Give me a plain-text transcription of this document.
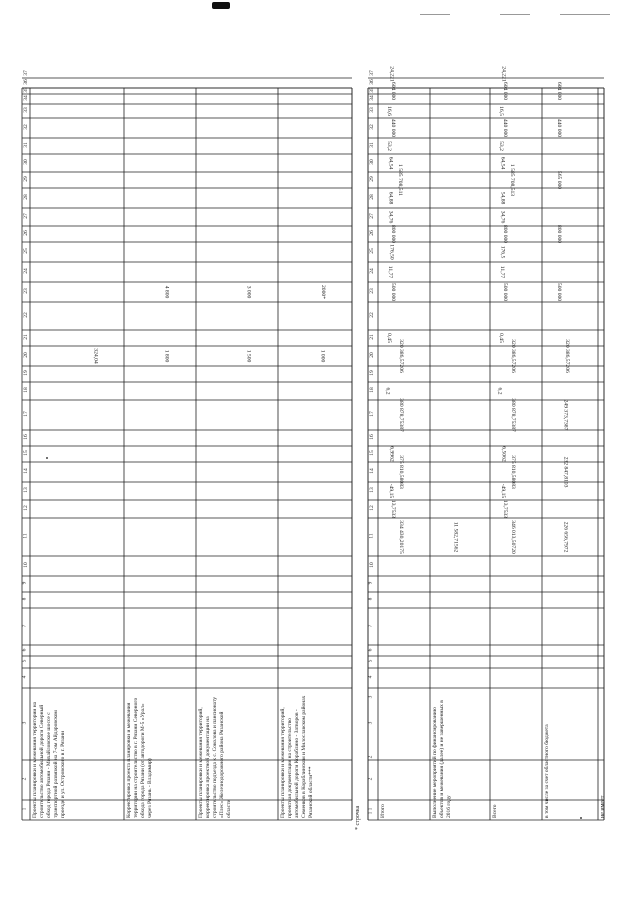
1
2
3
4
5
6
7
8
9
10
11
12
13
14
15
16
17
18
19
20
21
22
23
24
25
26
27
28
29
30
31
32
33
34
35
36
37
Проекты планировки и межевания территории на строительство автомобильной дороги Северный обход города Рязани - Михайловское шоссе с транспортной развязкой на 7-ом Айдаровском проезде и ул. Островского в г. Рязани
324,04
Корректировка проекта планировки и межевания территории на строительство в г. Рязани Северного обхода города Рязани (от автодороги М-5 «Урал» через Рязань - Владимир)
1 800
4 800
Проекты планировки и межевания территорий, корректировка проектной документации на строительство подъезда к с. Соколова и пансионату «Плес» Железнодорожного района Рязанской области
1 500
3 000
Проекты планировки и межевания территорий, проектная документация на строительство автомобильной дороги Кораблино - Затворов - Семенков в Кораблинском и Милославском районах Рязанской области***
1 000
2000*
* строчка 1
2
3
4
5
6
7
8
9
10
11
12
13
14
15
16
17
18
19
20
21
22
23
24
25
26
27
28
29
30
31
32
33
34
35
36
37
Итого
334 430,20175
13,7533
-49,15
375 810,58083
6,9962
380 878,75387
6,2
320 386,57206
0,45
500 000
11,77
176,50
800 000
34,76
64,88
1 585 708,511
64,54
53,2
440 000
16,6
604 000
24,221
Выполнение мероприятий по финансированию объектов и межевания (далее) и не завершенных в 2016 году
11 582,71562
Всего
346 013,50720
13,7533
-49,15
375 810,58083
6,5062
380 878,75387
6,2
320 386,57206
0,45
500 000
11,77
176,5
800 000
34,76
54,88
1 585 708,513
64,54
53,2
440 000
16,5
604 000
24,221
в том числе за счет областного бюджета
226 656,7972
232 847,8103
249 373,7387
320 386,57206
500 000
800 000
565 000
440 000
604 000
1
2
3
не имеет
